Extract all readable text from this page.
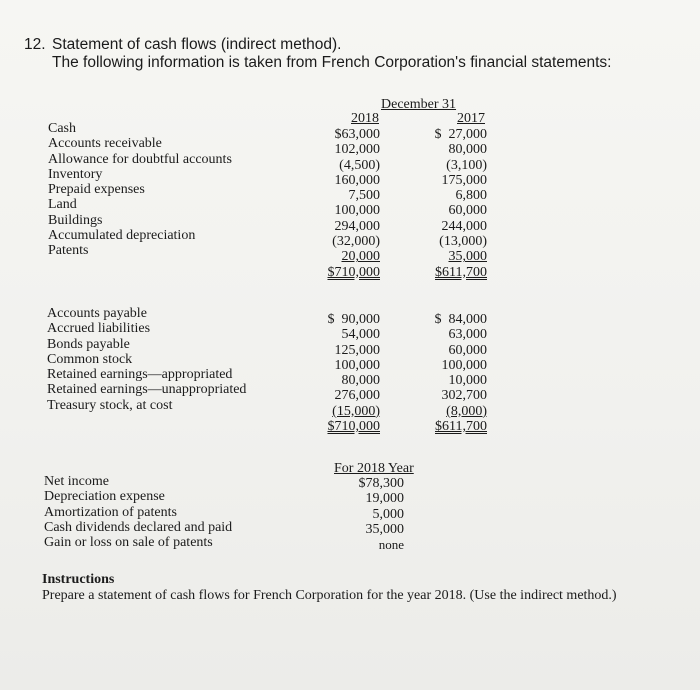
12. Statement of cash flows (indirect method).
The following information is taken from French Corporation's financial statements:
December 31
2018	2017
Cash
Accounts receivable
Allowance for doubtful accounts
Inventory
Prepaid expenses
Land
Buildings
Accumulated depreciation
Patents
$63,000
102,000
(4,500)
160,000
7,500
100,000
294,000
(32,000)
20,000
$710,000
$  27,000
80,000
(3,100)
175,000
6,800
60,000
244,000
(13,000)
35,000
$611,700
Accounts payable
Accrued liabilities
Bonds payable
Common stock
Retained earnings—appropriated
Retained earnings—unappropriated
Treasury stock, at cost
$  90,000
54,000
125,000
100,000
80,000
276,000
(15,000)
$710,000
$  84,000
63,000
60,000
100,000
10,000
302,700
(8,000)
$611,700
For 2018 Year
Net income
Depreciation expense
Amortization of patents
Cash dividends declared and paid
Gain or loss on sale of patents
$78,300
19,000
5,000
35,000
none
Instructions
Prepare a statement of cash flows for French Corporation for the year 2018. (Use the indirect method.)
